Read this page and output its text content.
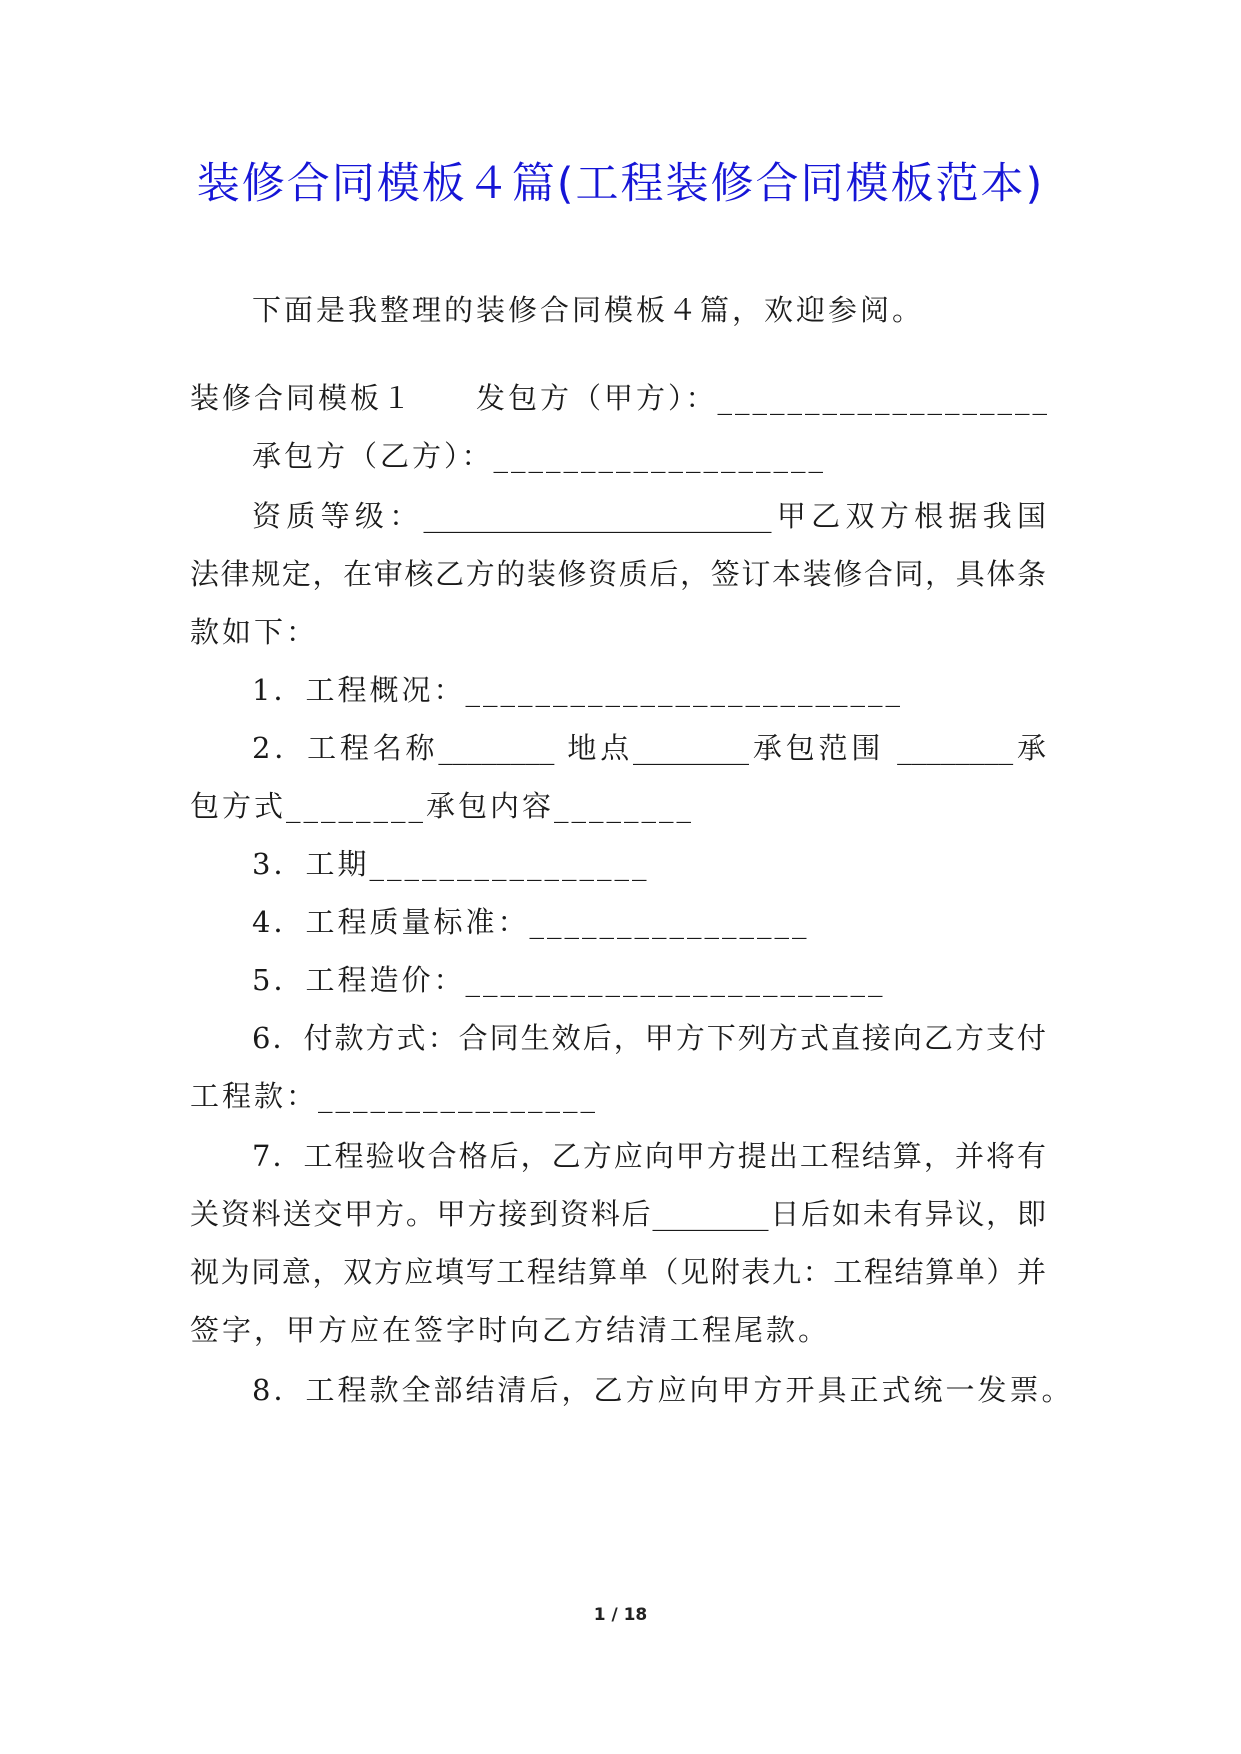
装修合同模板４篇(工程装修合同模板范本)
下面是我整理的装修合同模板４篇，欢迎参阅。
装修合同模板１ 发包方（甲方）：___________________
承包方（乙方）：___________________
资质等级：________________________甲乙双方根据我国
法律规定，在审核乙方的装修资质后，签订本装修合同，具体条
款如下：
1．工程概况：_________________________
2．工程名称________ 地点________承包范围 ________承
包方式________承包内容________
3．工期________________
4．工程质量标准：________________
5．工程造价：________________________
6．付款方式：合同生效后，甲方下列方式直接向乙方支付
工程款：________________
7．工程验收合格后，乙方应向甲方提出工程结算，并将有
关资料送交甲方。甲方接到资料后________日后如未有异议，即
视为同意，双方应填写工程结算单（见附表九：工程结算单）并
签字，甲方应在签字时向乙方结清工程尾款。
8．工程款全部结清后，乙方应向甲方开具正式统一发票。
1 / 18
